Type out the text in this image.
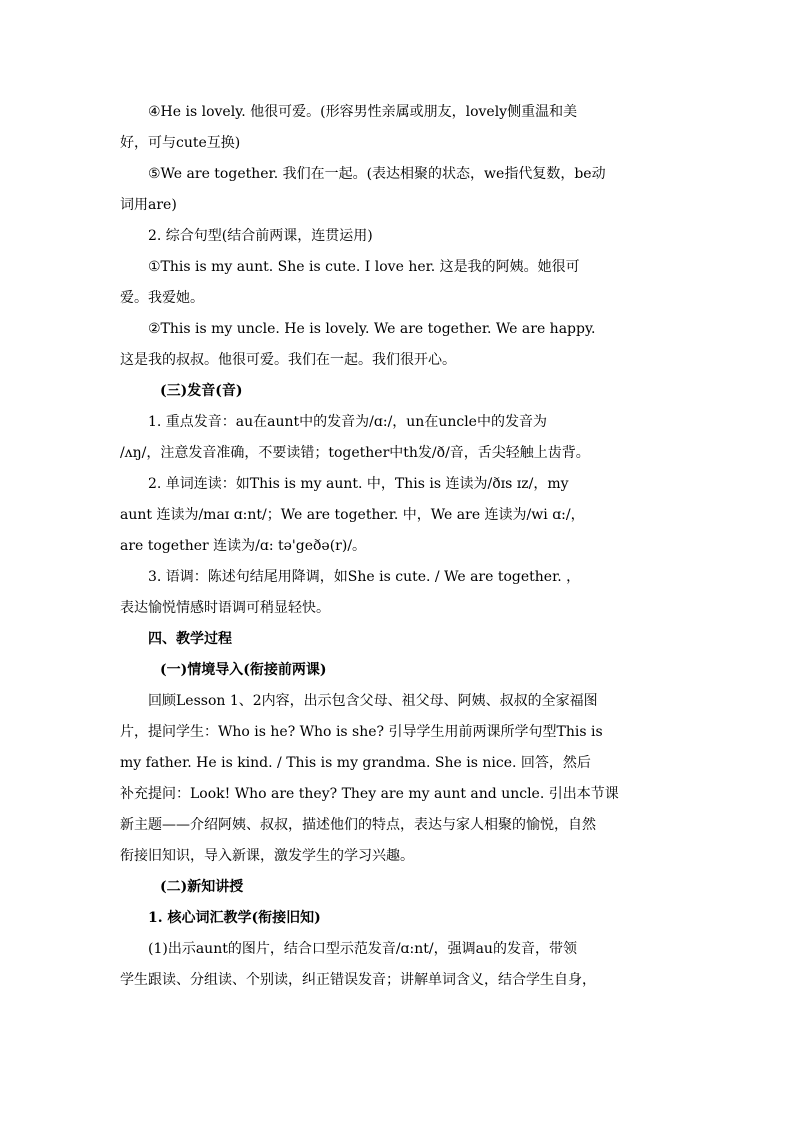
④He is lovely. 他很可爱。(形容男性亲属或朋友，lovely侧重温和美
好，可与cute互换)
⑤We are together. 我们在一起。(表达相聚的状态，we指代复数，be动
词用are)
2. 综合句型(结合前两课，连贯运用)
①This is my aunt. She is cute. I love her. 这是我的阿姨。她很可
爱。我爱她。
②This is my uncle. He is lovely. We are together. We are happy.
这是我的叔叔。他很可爱。我们在一起。我们很开心。
(三)发音(音)
1. 重点发音：au在aunt中的发音为/ɑ:/，un在uncle中的发音为
/ʌŋ/，注意发音准确，不要读错；together中th发/ð/音，舌尖轻触上齿背。
2. 单词连读：如This is my aunt. 中，This is 连读为/ðɪs ɪz/，my
aunt 连读为/maɪ ɑ:nt/；We are together. 中，We are 连读为/wi ɑ:/，
are together 连读为/ɑ: tə'geðə(r)/。
3. 语调：陈述句结尾用降调，如She is cute. / We are together. ，
表达愉悦情感时语调可稍显轻快。
四、教学过程
(一)情境导入(衔接前两课)
回顾Lesson 1、2内容，出示包含父母、祖父母、阿姨、叔叔的全家福图
片，提问学生：Who is he? Who is she? 引导学生用前两课所学句型This is
my father. He is kind. / This is my grandma. She is nice. 回答，然后
补充提问：Look! Who are they? They are my aunt and uncle. 引出本节课
新主题——介绍阿姨、叔叔，描述他们的特点，表达与家人相聚的愉悦，自然
衔接旧知识，导入新课，激发学生的学习兴趣。
(二)新知讲授
1. 核心词汇教学(衔接旧知)
(1)出示aunt的图片，结合口型示范发音/ɑ:nt/，强调au的发音，带领
学生跟读、分组读、个别读，纠正错误发音；讲解单词含义，结合学生自身，
